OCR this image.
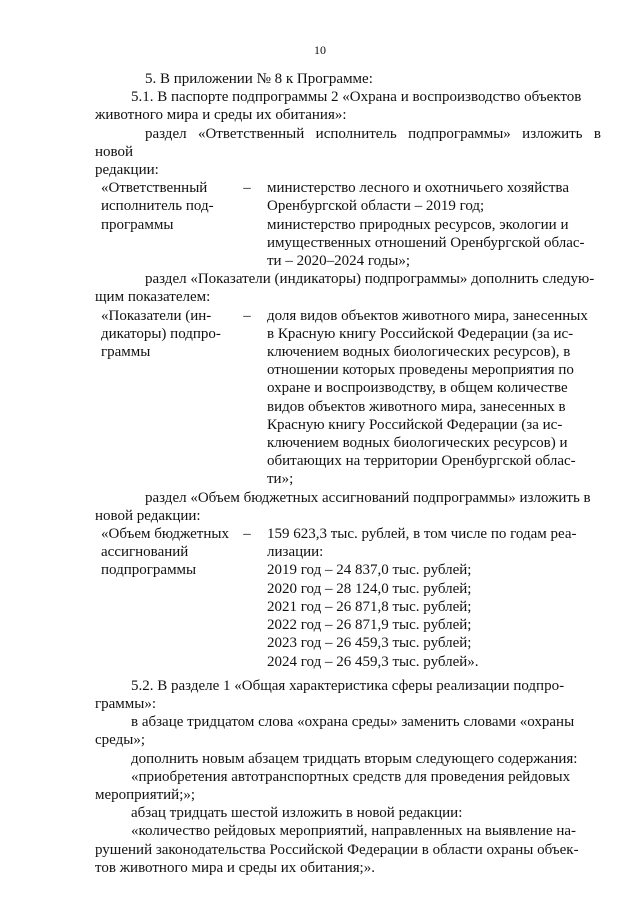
10

5. В приложении № 8 к Программе:

5.1. В паспорте подпрограммы 2 «Охрана и воспроизводство объектов
животного мира и среды их обитания»:

раздел «Ответственный исполнитель подпрограммы» изложить в новой
редакции:

«Ответственный
исполнитель под-
программы
–	министерство лесного и охотничьего хозяйства
Оренбургской области – 2019 год;
министерство природных ресурсов, экологии и
имущественных отношений Оренбургской облас-
ти – 2020–2024 годы»;

раздел «Показатели (индикаторы) подпрограммы» дополнить следую-
щим показателем:

«Показатели (ин-
дикаторы) подпро-
граммы
–	доля видов объектов животного мира, занесенных
в Красную книгу Российской Федерации (за ис-
ключением водных биологических ресурсов), в
отношении которых проведены мероприятия по
охране и воспроизводству, в общем количестве
видов объектов животного мира, занесенных в
Красную книгу Российской Федерации (за ис-
ключением водных биологических ресурсов) и
обитающих на территории Оренбургской облас-
ти»;

раздел «Объем бюджетных ассигнований подпрограммы» изложить в
новой редакции:

«Объем бюджетных
ассигнований
подпрограммы
–	159 623,3 тыс. рублей, в том числе по годам реа-
лизации:
2019 год – 24 837,0 тыс. рублей;
2020 год – 28 124,0 тыс. рублей;
2021 год – 26 871,8 тыс. рублей;
2022 год – 26 871,9 тыс. рублей;
2023 год – 26 459,3 тыс. рублей;
2024 год – 26 459,3 тыс. рублей».

5.2. В разделе 1 «Общая характеристика сферы реализации подпро-
граммы»:

в абзаце тридцатом слова «охрана среды» заменить словами «охраны
среды»;

дополнить новым абзацем тридцать вторым следующего содержания:

«приобретения автотранспортных средств для проведения рейдовых
мероприятий;»;

абзац тридцать шестой изложить в новой редакции:

«количество рейдовых мероприятий, направленных на выявление на-
рушений законодательства Российской Федерации в области охраны объек-
тов животного мира и среды их обитания;».
